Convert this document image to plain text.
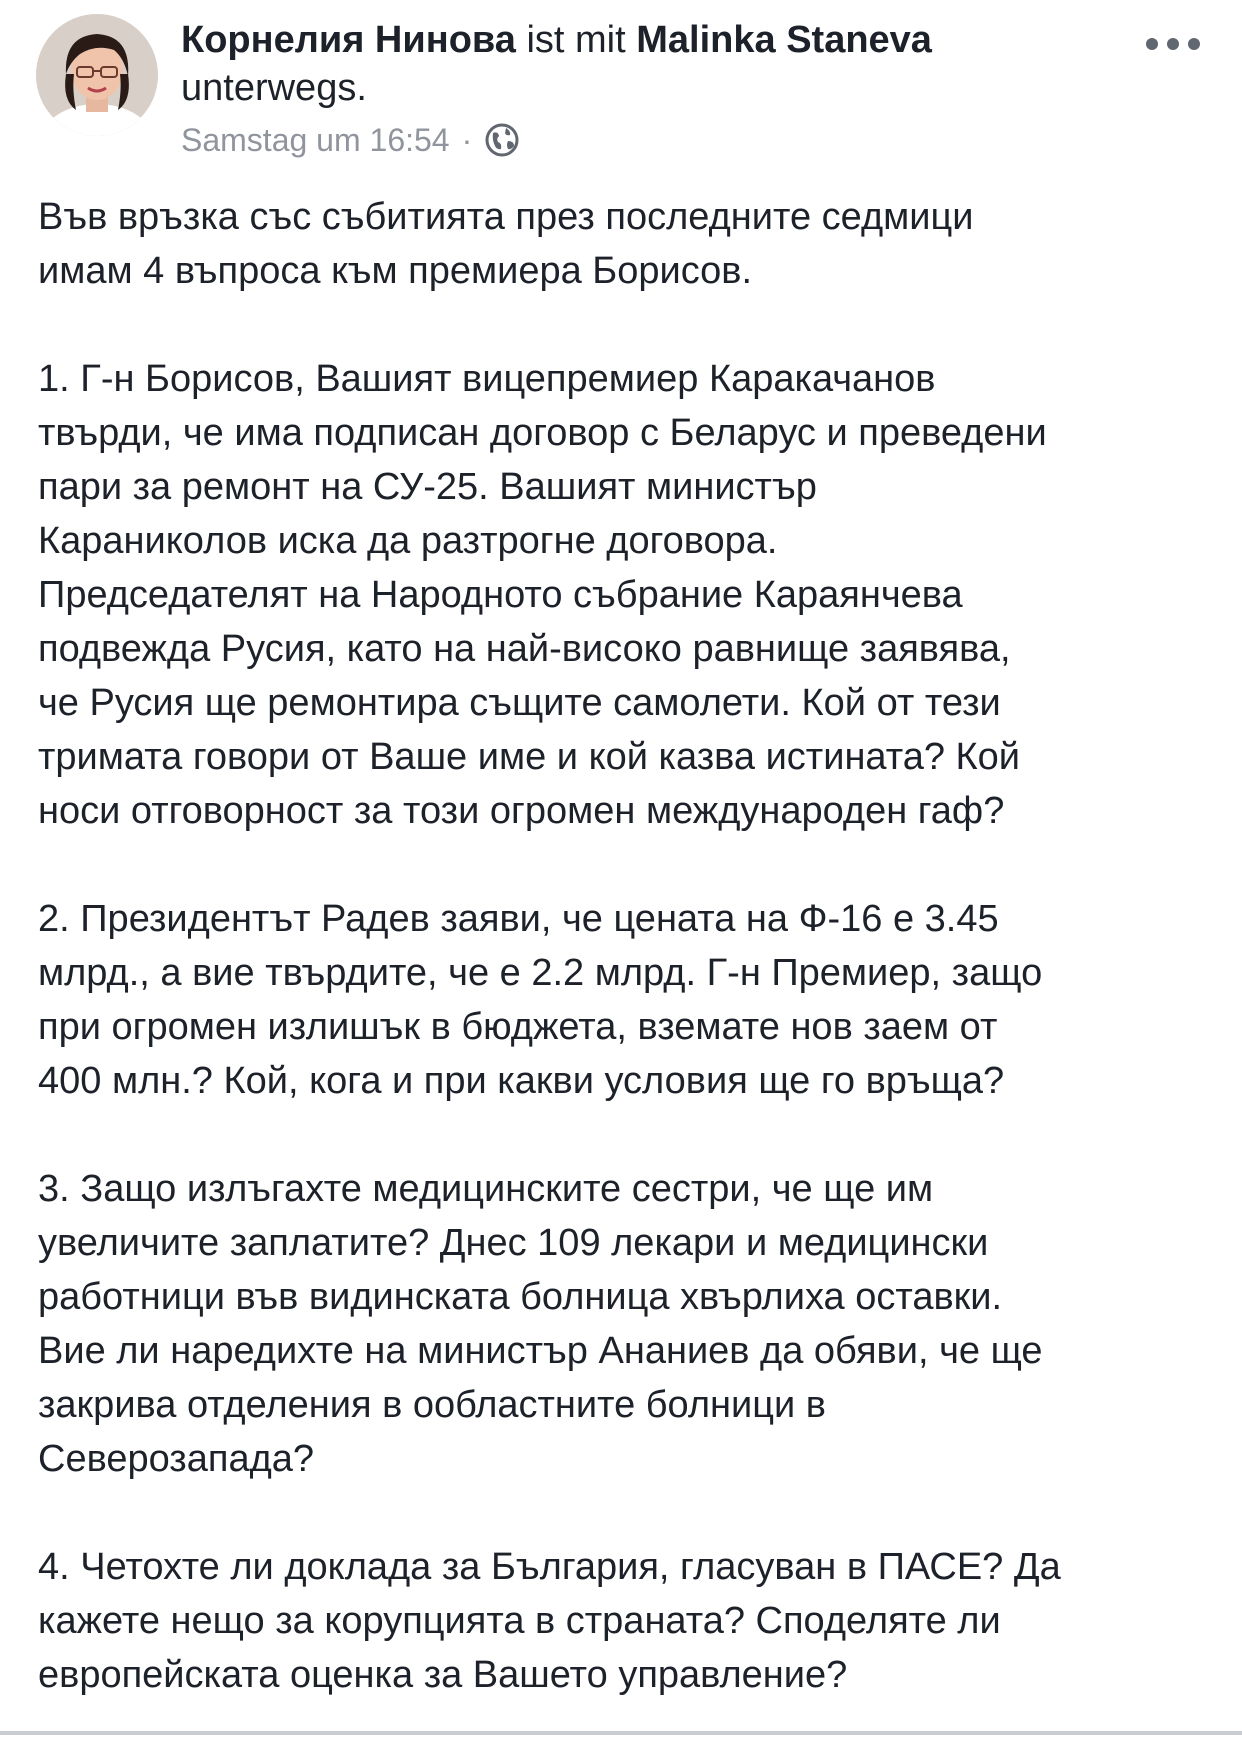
Корнелия Нинова ist mit Malinka Staneva
unterwegs.
Samstag um 16:54 ·

Във връзка със събитията през последните седмици
имам 4 въпроса към премиера Борисов.

1. Г-н Борисов, Вашият вицепремиер Каракачанов
твърди, че има подписан договор с Беларус и преведени
пари за ремонт на СУ-25. Вашият министър
Караниколов иска да разтрогне договора.
Председателят на Народното събрание Караянчева
подвежда Русия, като на най-високо равнище заявява,
че Русия ще ремонтира същите самолети. Кой от тези
тримата говори от Ваше име и кой казва истината? Кой
носи отговорност за този огромен международен гаф?

2. Президентът Радев заяви, че цената на Ф-16 е 3.45
млрд., а вие твърдите, че е 2.2 млрд. Г-н Премиер, защо
при огромен излишък в бюджета, вземате нов заем от
400 млн.? Кой, кога и при какви условия ще го връща?

3. Защо излъгахте медицинските сестри, че ще им
увеличите заплатите? Днес 109 лекари и медицински
работници във видинската болница хвърлиха оставки.
Вие ли наредихте на министър Ананиев да обяви, че ще
закрива отделения в ообластните болници в
Северозапада?

4. Четохте ли доклада за България, гласуван в ПАСЕ? Да
кажете нещо за корупцията в страната? Споделяте ли
европейската оценка за Вашето управление?
